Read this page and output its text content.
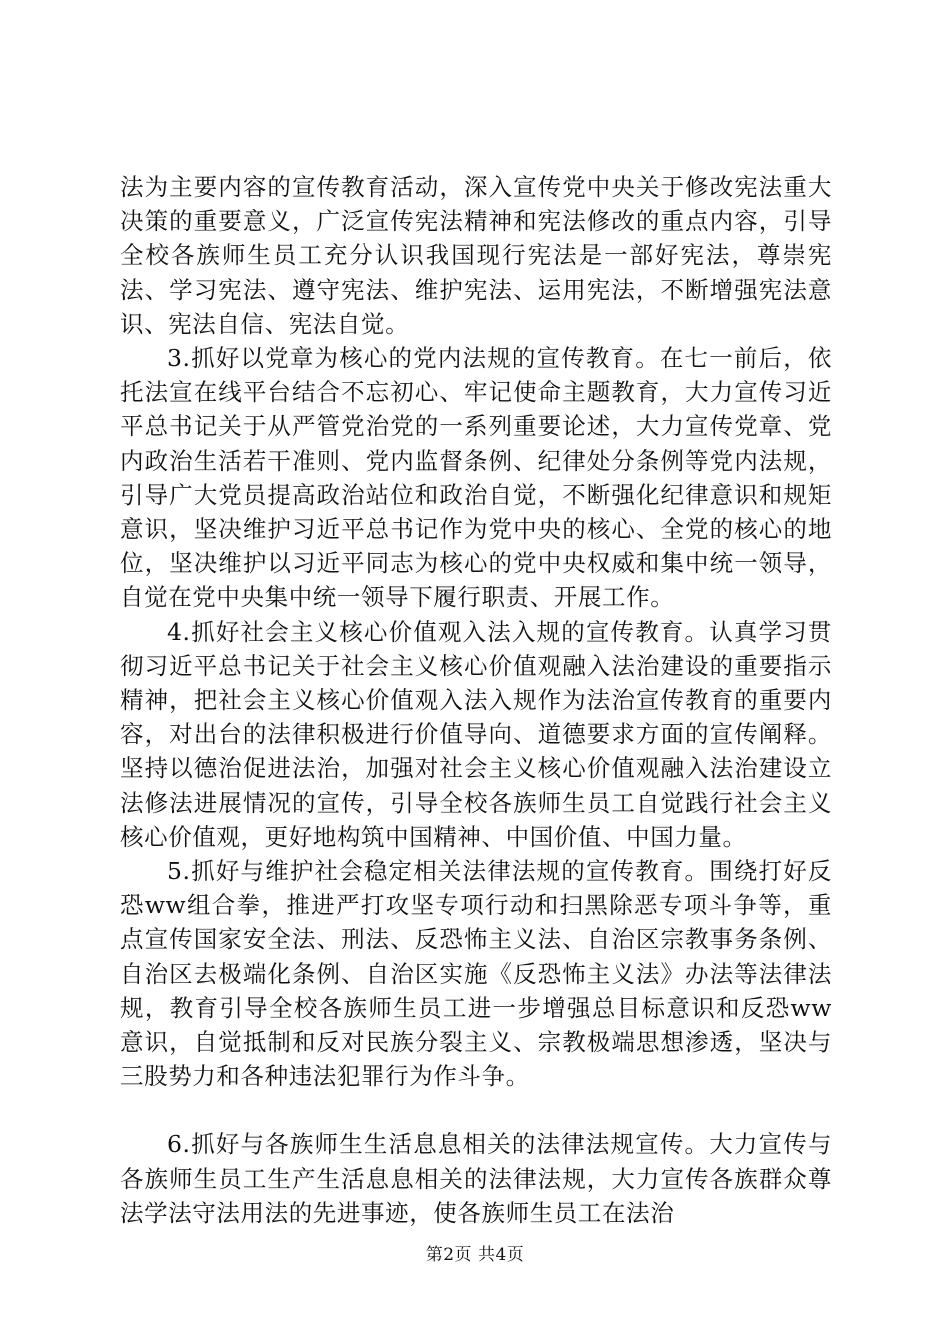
法为主要内容的宣传教育活动，深入宣传党中央关于修改宪法重大决策的重要意义，广泛宣传宪法精神和宪法修改的重点内容，引导全校各族师生员工充分认识我国现行宪法是一部好宪法，尊崇宪法、学习宪法、遵守宪法、维护宪法、运用宪法，不断增强宪法意识、宪法自信、宪法自觉。

3.抓好以党章为核心的党内法规的宣传教育。在七一前后，依托法宣在线平台结合不忘初心、牢记使命主题教育，大力宣传习近平总书记关于从严管党治党的一系列重要论述，大力宣传党章、党内政治生活若干准则、党内监督条例、纪律处分条例等党内法规，引导广大党员提高政治站位和政治自觉，不断强化纪律意识和规矩意识，坚决维护习近平总书记作为党中央的核心、全党的核心的地位，坚决维护以习近平同志为核心的党中央权威和集中统一领导，自觉在党中央集中统一领导下履行职责、开展工作。

4.抓好社会主义核心价值观入法入规的宣传教育。认真学习贯彻习近平总书记关于社会主义核心价值观融入法治建设的重要指示精神，把社会主义核心价值观入法入规作为法治宣传教育的重要内容，对出台的法律积极进行价值导向、道德要求方面的宣传阐释。坚持以德治促进法治，加强对社会主义核心价值观融入法治建设立法修法进展情况的宣传，引导全校各族师生员工自觉践行社会主义核心价值观，更好地构筑中国精神、中国价值、中国力量。

5.抓好与维护社会稳定相关法律法规的宣传教育。围绕打好反恐ww组合拳，推进严打攻坚专项行动和扫黑除恶专项斗争等，重点宣传国家安全法、刑法、反恐怖主义法、自治区宗教事务条例、自治区去极端化条例、自治区实施《反恐怖主义法》办法等法律法规，教育引导全校各族师生员工进一步增强总目标意识和反恐ww意识，自觉抵制和反对民族分裂主义、宗教极端思想渗透，坚决与三股势力和各种违法犯罪行为作斗争。

6.抓好与各族师生生活息息相关的法律法规宣传。大力宣传与各族师生员工生产生活息息相关的法律法规，大力宣传各族群众尊法学法守法用法的先进事迹，使各族师生员工在法治

第2页 共4页
